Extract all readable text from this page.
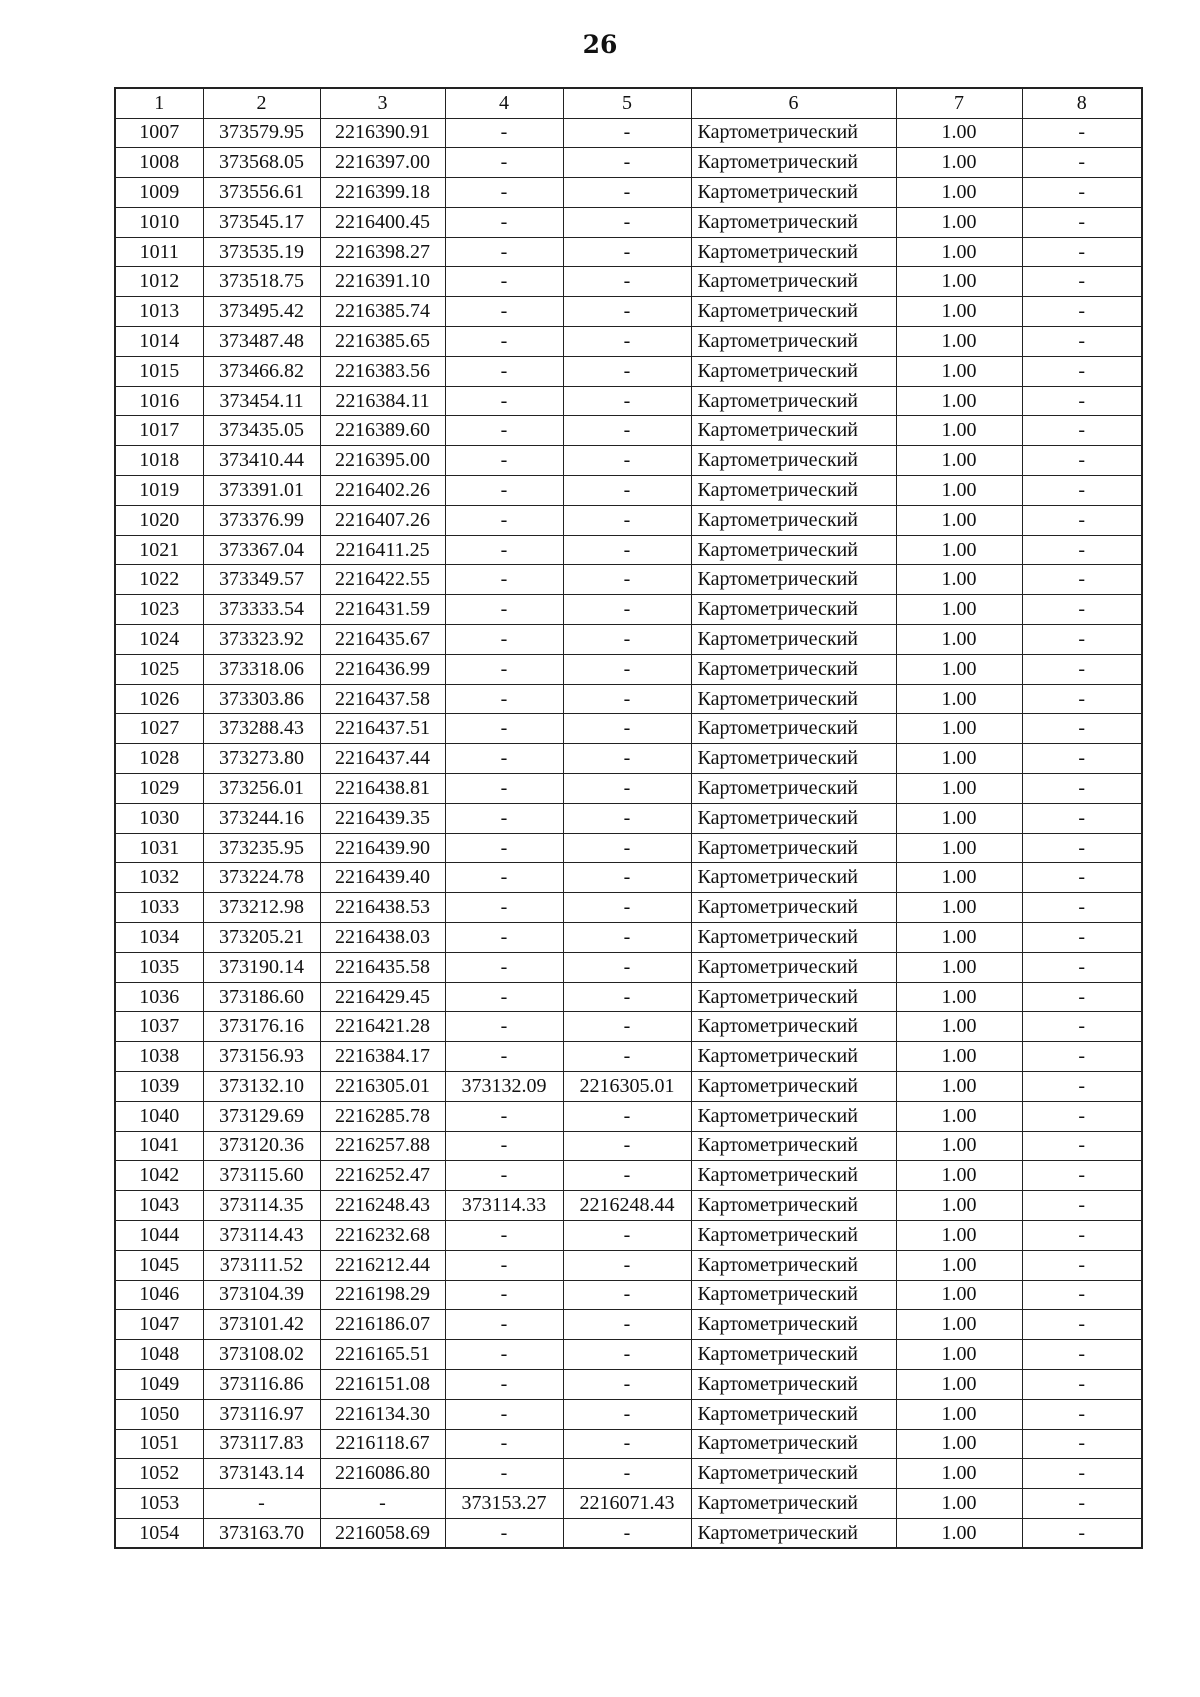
26
1	2	3	4	5	6	7	8
1007	373579.95	2216390.91	-	-	Картометрический	1.00	-
1008	373568.05	2216397.00	-	-	Картометрический	1.00	-
1009	373556.61	2216399.18	-	-	Картометрический	1.00	-
1010	373545.17	2216400.45	-	-	Картометрический	1.00	-
1011	373535.19	2216398.27	-	-	Картометрический	1.00	-
1012	373518.75	2216391.10	-	-	Картометрический	1.00	-
1013	373495.42	2216385.74	-	-	Картометрический	1.00	-
1014	373487.48	2216385.65	-	-	Картометрический	1.00	-
1015	373466.82	2216383.56	-	-	Картометрический	1.00	-
1016	373454.11	2216384.11	-	-	Картометрический	1.00	-
1017	373435.05	2216389.60	-	-	Картометрический	1.00	-
1018	373410.44	2216395.00	-	-	Картометрический	1.00	-
1019	373391.01	2216402.26	-	-	Картометрический	1.00	-
1020	373376.99	2216407.26	-	-	Картометрический	1.00	-
1021	373367.04	2216411.25	-	-	Картометрический	1.00	-
1022	373349.57	2216422.55	-	-	Картометрический	1.00	-
1023	373333.54	2216431.59	-	-	Картометрический	1.00	-
1024	373323.92	2216435.67	-	-	Картометрический	1.00	-
1025	373318.06	2216436.99	-	-	Картометрический	1.00	-
1026	373303.86	2216437.58	-	-	Картометрический	1.00	-
1027	373288.43	2216437.51	-	-	Картометрический	1.00	-
1028	373273.80	2216437.44	-	-	Картометрический	1.00	-
1029	373256.01	2216438.81	-	-	Картометрический	1.00	-
1030	373244.16	2216439.35	-	-	Картометрический	1.00	-
1031	373235.95	2216439.90	-	-	Картометрический	1.00	-
1032	373224.78	2216439.40	-	-	Картометрический	1.00	-
1033	373212.98	2216438.53	-	-	Картометрический	1.00	-
1034	373205.21	2216438.03	-	-	Картометрический	1.00	-
1035	373190.14	2216435.58	-	-	Картометрический	1.00	-
1036	373186.60	2216429.45	-	-	Картометрический	1.00	-
1037	373176.16	2216421.28	-	-	Картометрический	1.00	-
1038	373156.93	2216384.17	-	-	Картометрический	1.00	-
1039	373132.10	2216305.01	373132.09	2216305.01	Картометрический	1.00	-
1040	373129.69	2216285.78	-	-	Картометрический	1.00	-
1041	373120.36	2216257.88	-	-	Картометрический	1.00	-
1042	373115.60	2216252.47	-	-	Картометрический	1.00	-
1043	373114.35	2216248.43	373114.33	2216248.44	Картометрический	1.00	-
1044	373114.43	2216232.68	-	-	Картометрический	1.00	-
1045	373111.52	2216212.44	-	-	Картометрический	1.00	-
1046	373104.39	2216198.29	-	-	Картометрический	1.00	-
1047	373101.42	2216186.07	-	-	Картометрический	1.00	-
1048	373108.02	2216165.51	-	-	Картометрический	1.00	-
1049	373116.86	2216151.08	-	-	Картометрический	1.00	-
1050	373116.97	2216134.30	-	-	Картометрический	1.00	-
1051	373117.83	2216118.67	-	-	Картометрический	1.00	-
1052	373143.14	2216086.80	-	-	Картометрический	1.00	-
1053	-	-	373153.27	2216071.43	Картометрический	1.00	-
1054	373163.70	2216058.69	-	-	Картометрический	1.00	-
